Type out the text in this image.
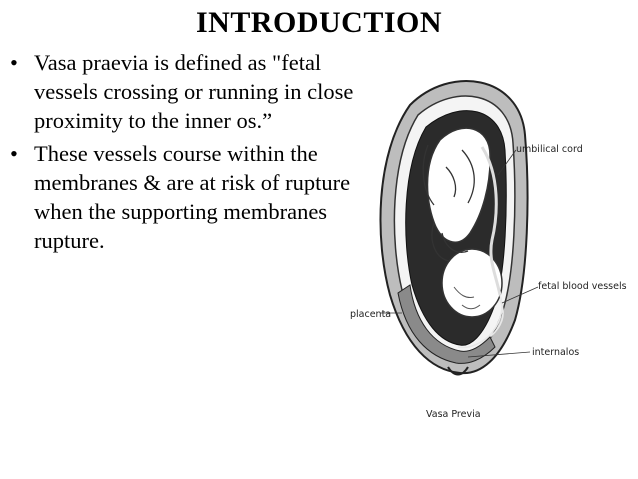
INTRODUCTION
• Vasa praevia is defined as "fetal vessels crossing or running in close proximity to the inner os.”
• These vessels course within the membranes & are at risk of rupture when the supporting membranes rupture.
umbilical cord
fetal blood vessels
placenta
internalos
Vasa Previa
